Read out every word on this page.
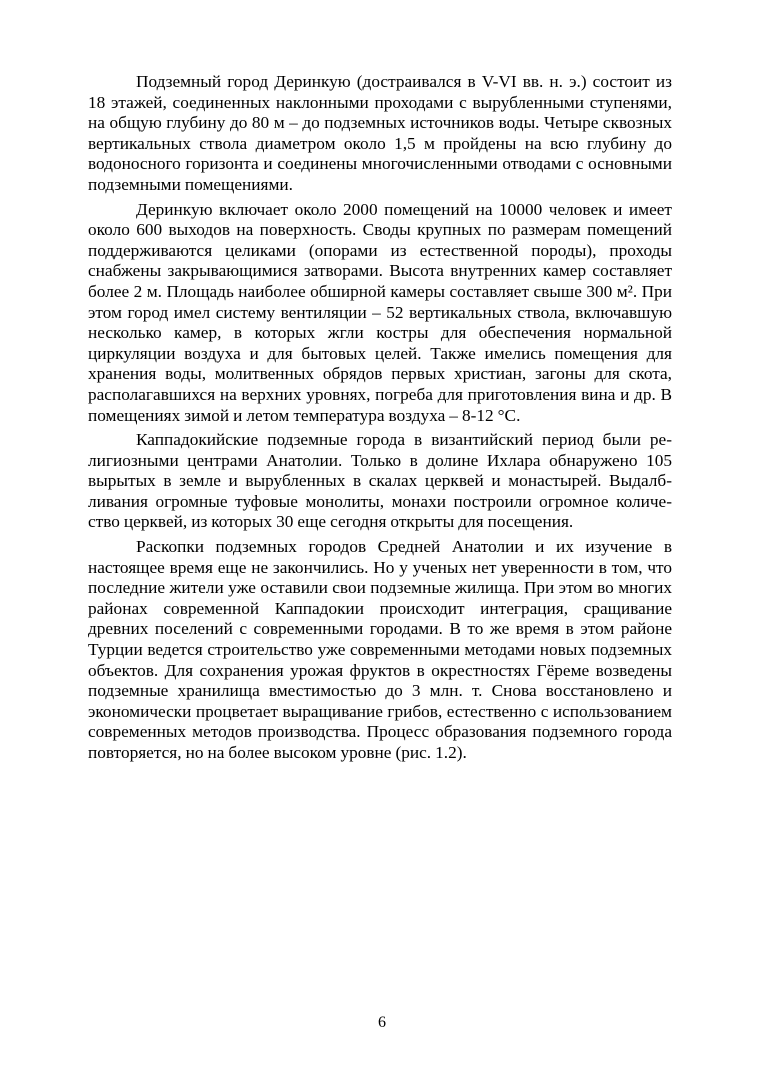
Подземный город Деринкую (достраивался в V-VI вв. н. э.) состоит из 18 этажей, соединенных наклонными проходами с вырубленными ступенями, на общую глубину до 80 м – до подземных источников воды. Четыре сквозных вертикальных ствола диаметром около 1,5 м пройдены на всю глубину до водоносного горизонта и соединены многочисленными отводами с основными подземными помещениями.

Деринкую включает около 2000 помещений на 10000 человек и имеет около 600 выходов на поверхность. Своды крупных по размерам помещений поддерживаются целиками (опорами из естественной породы), проходы снабжены закрывающимися затворами. Высота внутренних камер составляет более 2 м. Площадь наиболее обширной камеры составляет свыше 300 м². При этом город имел систему вентиляции – 52 вертикальных ствола, включавшую несколько камер, в которых жгли костры для обеспечения нормальной циркуляции воздуха и для бытовых целей. Также имелись помещения для хранения воды, молитвенных обрядов первых христиан, загоны для скота, располагавшихся на верхних уровнях, погреба для приготовления вина и др. В помещениях зимой и летом температура воздуха – 8-12 °С.

Каппадокийские подземные города в византийский период были религиозными центрами Анатолии. Только в долине Ихлара обнаружено 105 вырытых в земле и вырубленных в скалах церквей и монастырей. Выдалбливания огромные туфовые монолиты, монахи построили огромное количество церквей, из которых 30 еще сегодня открыты для посещения.

Раскопки подземных городов Средней Анатолии и их изучение в настоящее время еще не закончились. Но у ученых нет уверенности в том, что последние жители уже оставили свои подземные жилища. При этом во многих районах современной Каппадокии происходит интеграция, сращивание древних поселений с современными городами. В то же время в этом районе Турции ведется строительство уже современными методами новых подземных объектов. Для сохранения урожая фруктов в окрестностях Гёреме возведены подземные хранилища вместимостью до 3 млн. т. Снова восстановлено и экономически процветает выращивание грибов, естественно с использованием современных методов производства. Процесс образования подземного города повторяется, но на более высоком уровне (рис. 1.2).

6
